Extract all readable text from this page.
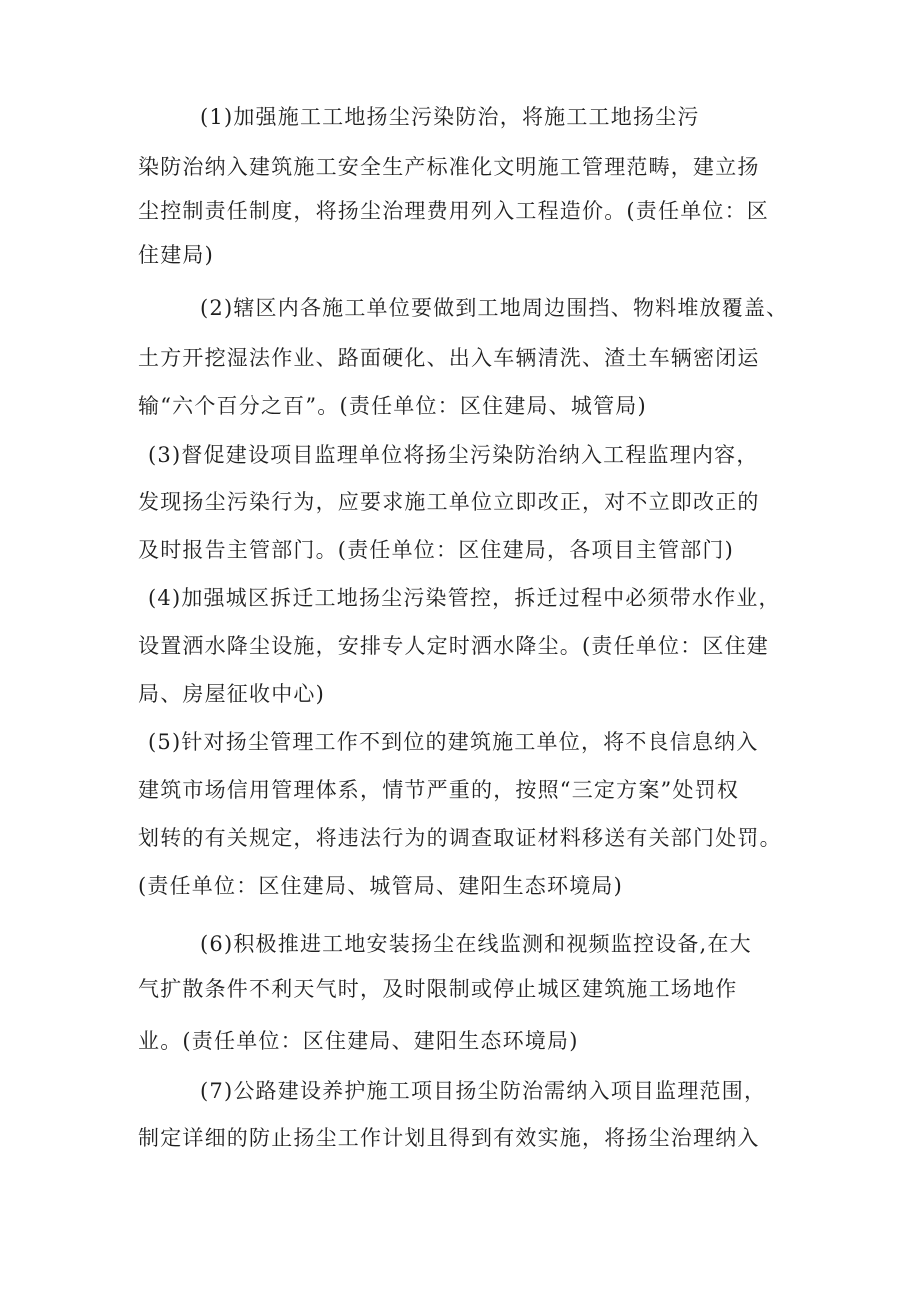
(1)加强施工工地扬尘污染防治，将施工工地扬尘污

染防治纳入建筑施工安全生产标准化文明施工管理范畴，建立扬

尘控制责任制度，将扬尘治理费用列入工程造价。(责任单位：区

住建局)

(2)辖区内各施工单位要做到工地周边围挡、物料堆放覆盖、

土方开挖湿法作业、路面硬化、出入车辆清洗、渣土车辆密闭运

输“六个百分之百”。(责任单位：区住建局、城管局)

(3)督促建设项目监理单位将扬尘污染防治纳入工程监理内容，

发现扬尘污染行为，应要求施工单位立即改正，对不立即改正的

及时报告主管部门。(责任单位：区住建局，各项目主管部门)

(4)加强城区拆迁工地扬尘污染管控，拆迁过程中必须带水作业，

设置洒水降尘设施，安排专人定时洒水降尘。(责任单位：区住建

局、房屋征收中心)

(5)针对扬尘管理工作不到位的建筑施工单位，将不良信息纳入

建筑市场信用管理体系，情节严重的，按照“三定方案”处罚权

划转的有关规定，将违法行为的调查取证材料移送有关部门处罚。

(责任单位：区住建局、城管局、建阳生态环境局)

(6)积极推进工地安装扬尘在线监测和视频监控设备,在大

气扩散条件不利天气时，及时限制或停止城区建筑施工场地作

业。(责任单位：区住建局、建阳生态环境局)

(7)公路建设养护施工项目扬尘防治需纳入项目监理范围，

制定详细的防止扬尘工作计划且得到有效实施，将扬尘治理纳入
